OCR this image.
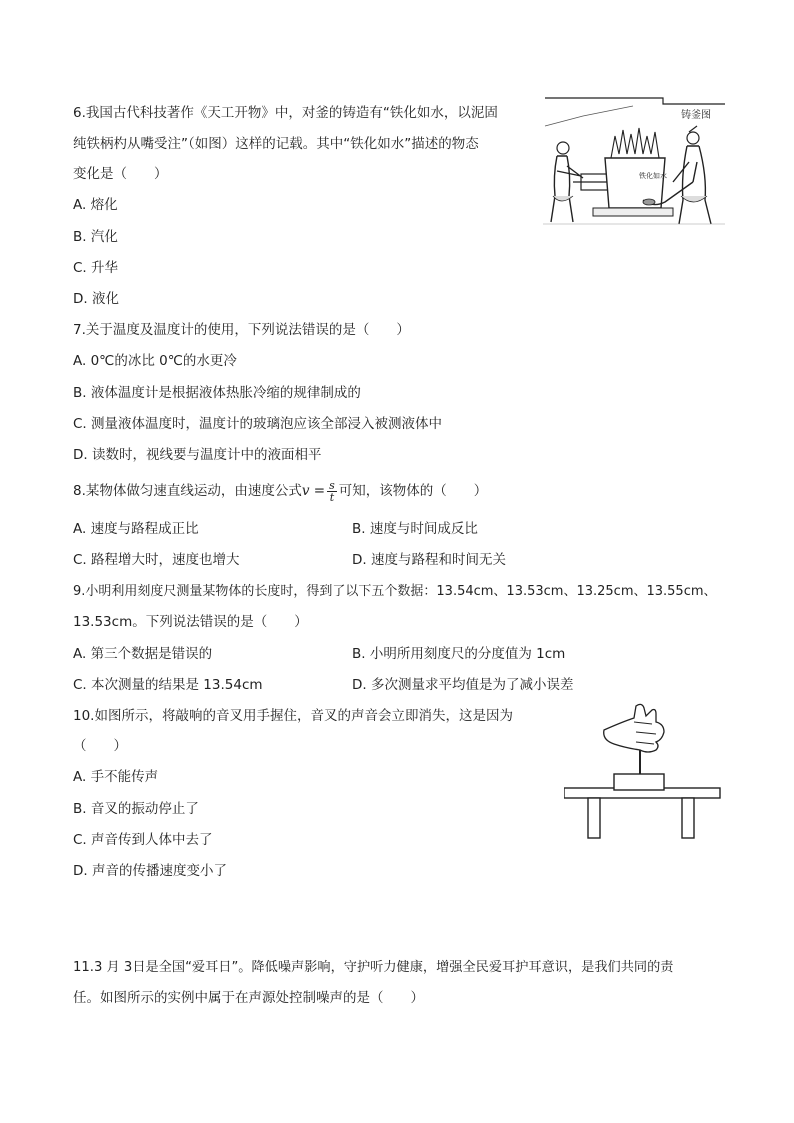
6.我国古代科技著作《天工开物》中，对釜的铸造有“铁化如水，以泥固
纯铁柄杓从嘴受注”（如图）这样的记载。其中“铁化如水”描述的物态
变化是（　　）
A. 熔化
B. 汽化
C. 升华
D. 液化
铸釜图
铁化如水
7.关于温度及温度计的使用，下列说法错误的是（　　）
A. 0℃的冰比 0℃的水更冷
B. 液体温度计是根据液体热胀冷缩的规律制成的
C. 测量液体温度时，温度计的玻璃泡应该全部浸入被测液体中
D. 读数时，视线要与温度计中的液面相平
8.某物体做匀速直线运动，由速度公式$v = \frac{s}{t}$ 可知，该物体的（　　）
A. 速度与路程成正比	B. 速度与时间成反比
C. 路程增大时，速度也增大	D. 速度与路程和时间无关
9.小明利用刻度尺测量某物体的长度时，得到了以下五个数据：13.54cm、13.53cm、13.25cm、13.55cm、
13.53cm。下列说法错误的是（　　）
A. 第三个数据是错误的	B. 小明所用刻度尺的分度值为 1cm
C. 本次测量的结果是 13.54cm	D. 多次测量求平均值是为了减小误差
10.如图所示，将敲响的音叉用手握住，音叉的声音会立即消失，这是因为
（　　）
A. 手不能传声
B. 音叉的振动停止了
C. 声音传到人体中去了
D. 声音的传播速度变小了
11.3 月 3日是全国“爱耳日”。降低噪声影响，守护听力健康，增强全民爱耳护耳意识，是我们共同的责
任。如图所示的实例中属于在声源处控制噪声的是（　　）
